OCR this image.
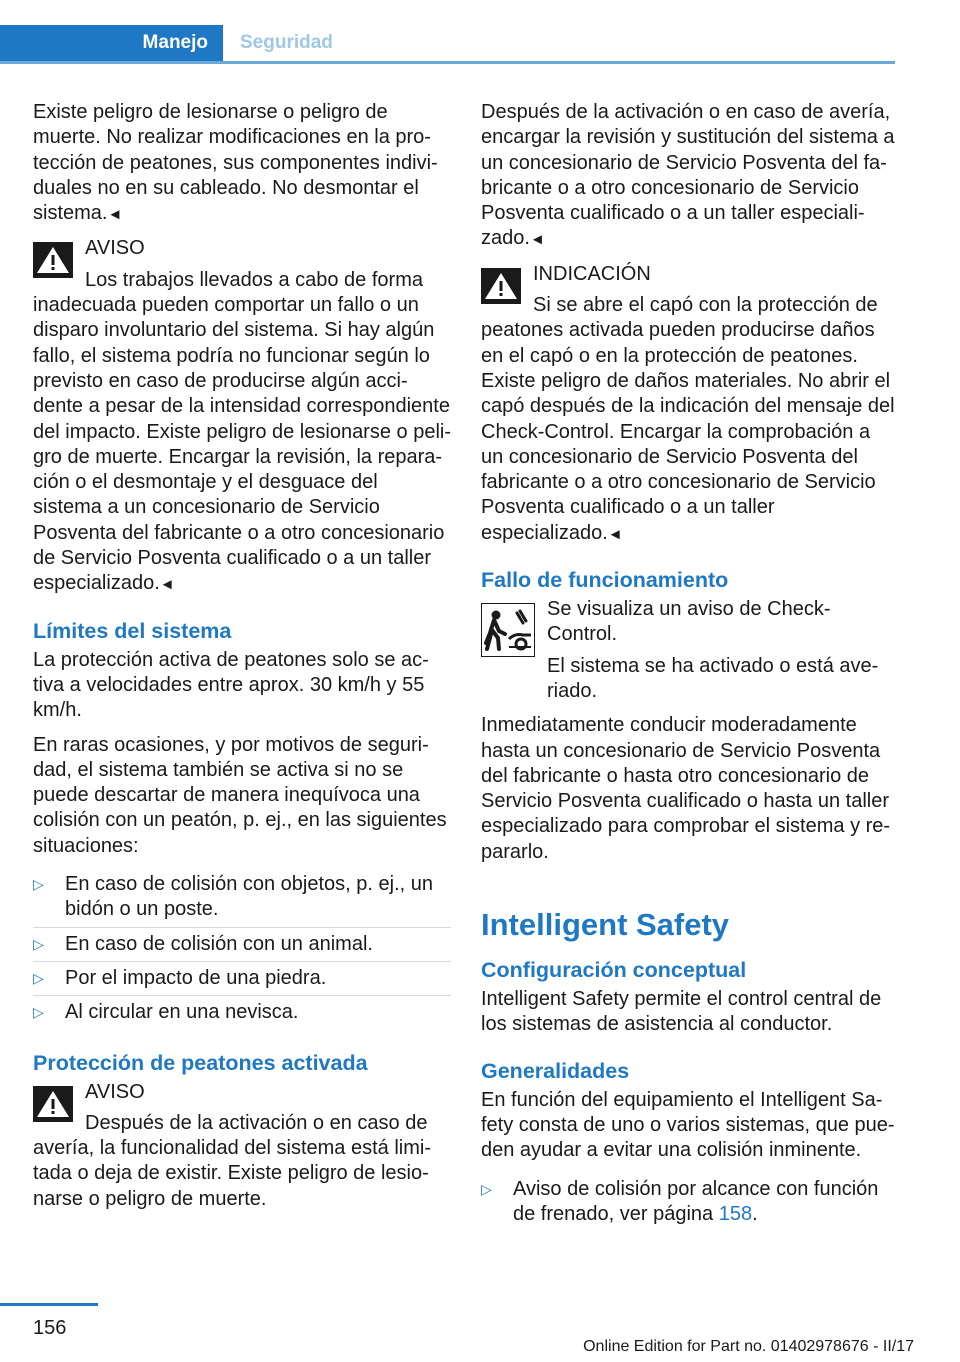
Manejo	Seguridad

Existe peligro de lesionarse o peligro de muerte. No realizar modificaciones en la protección de peatones, sus componentes individuales no en su cableado. No desmontar el sistema.◄

AVISO

Los trabajos llevados a cabo de forma inadecuada pueden comportar un fallo o un disparo involuntario del sistema. Si hay algún fallo, el sistema podría no funcionar según lo previsto en caso de producirse algún accidente a pesar de la intensidad correspondiente del impacto. Existe peligro de lesionarse o peligro de muerte. Encargar la revisión, la reparación o el desmontaje y el desguace del sistema a un concesionario de Servicio Posventa del fabricante o a otro concesionario de Servicio Posventa cualificado o a un taller especializado.◄

Límites del sistema

La protección activa de peatones solo se activa a velocidades entre aprox. 30 km/h y 55 km/h.

En raras ocasiones, y por motivos de seguridad, el sistema también se activa si no se puede descartar de manera inequívoca una colisión con un peatón, p. ej., en las siguientes situaciones:

▷ En caso de colisión con objetos, p. ej., un bidón o un poste.
▷ En caso de colisión con un animal.
▷ Por el impacto de una piedra.
▷ Al circular en una nevisca.
Protección de peatones activada

AVISO

Después de la activación o en caso de avería, la funcionalidad del sistema está limitada o deja de existir. Existe peligro de lesionarse o peligro de muerte.

Después de la activación o en caso de avería, encargar la revisión y sustitución del sistema a un concesionario de Servicio Posventa del fabricante o a otro concesionario de Servicio Posventa cualificado o a un taller especializado.◄

INDICACIÓN

Si se abre el capó con la protección de peatones activada pueden producirse daños en el capó o en la protección de peatones. Existe peligro de daños materiales. No abrir el capó después de la indicación del mensaje del Check-Control. Encargar la comprobación a un concesionario de Servicio Posventa del fabricante o a otro concesionario de Servicio Posventa cualificado o a un taller especializado.◄

Fallo de funcionamiento

Se visualiza un aviso de Check-Control.

El sistema se ha activado o está averiado.

Inmediatamente conducir moderadamente hasta un concesionario de Servicio Posventa del fabricante o hasta otro concesionario de Servicio Posventa cualificado o hasta un taller especializado para comprobar el sistema y repararlo.

Intelligent Safety
Configuración conceptual

Intelligent Safety permite el control central de los sistemas de asistencia al conductor.

Generalidades

En función del equipamiento el Intelligent Safety consta de uno o varios sistemas, que pueden ayudar a evitar una colisión inminente.

▷ Aviso de colisión por alcance con función de frenado, ver página 158.
156
Online Edition for Part no. 01402978676 - II/17
